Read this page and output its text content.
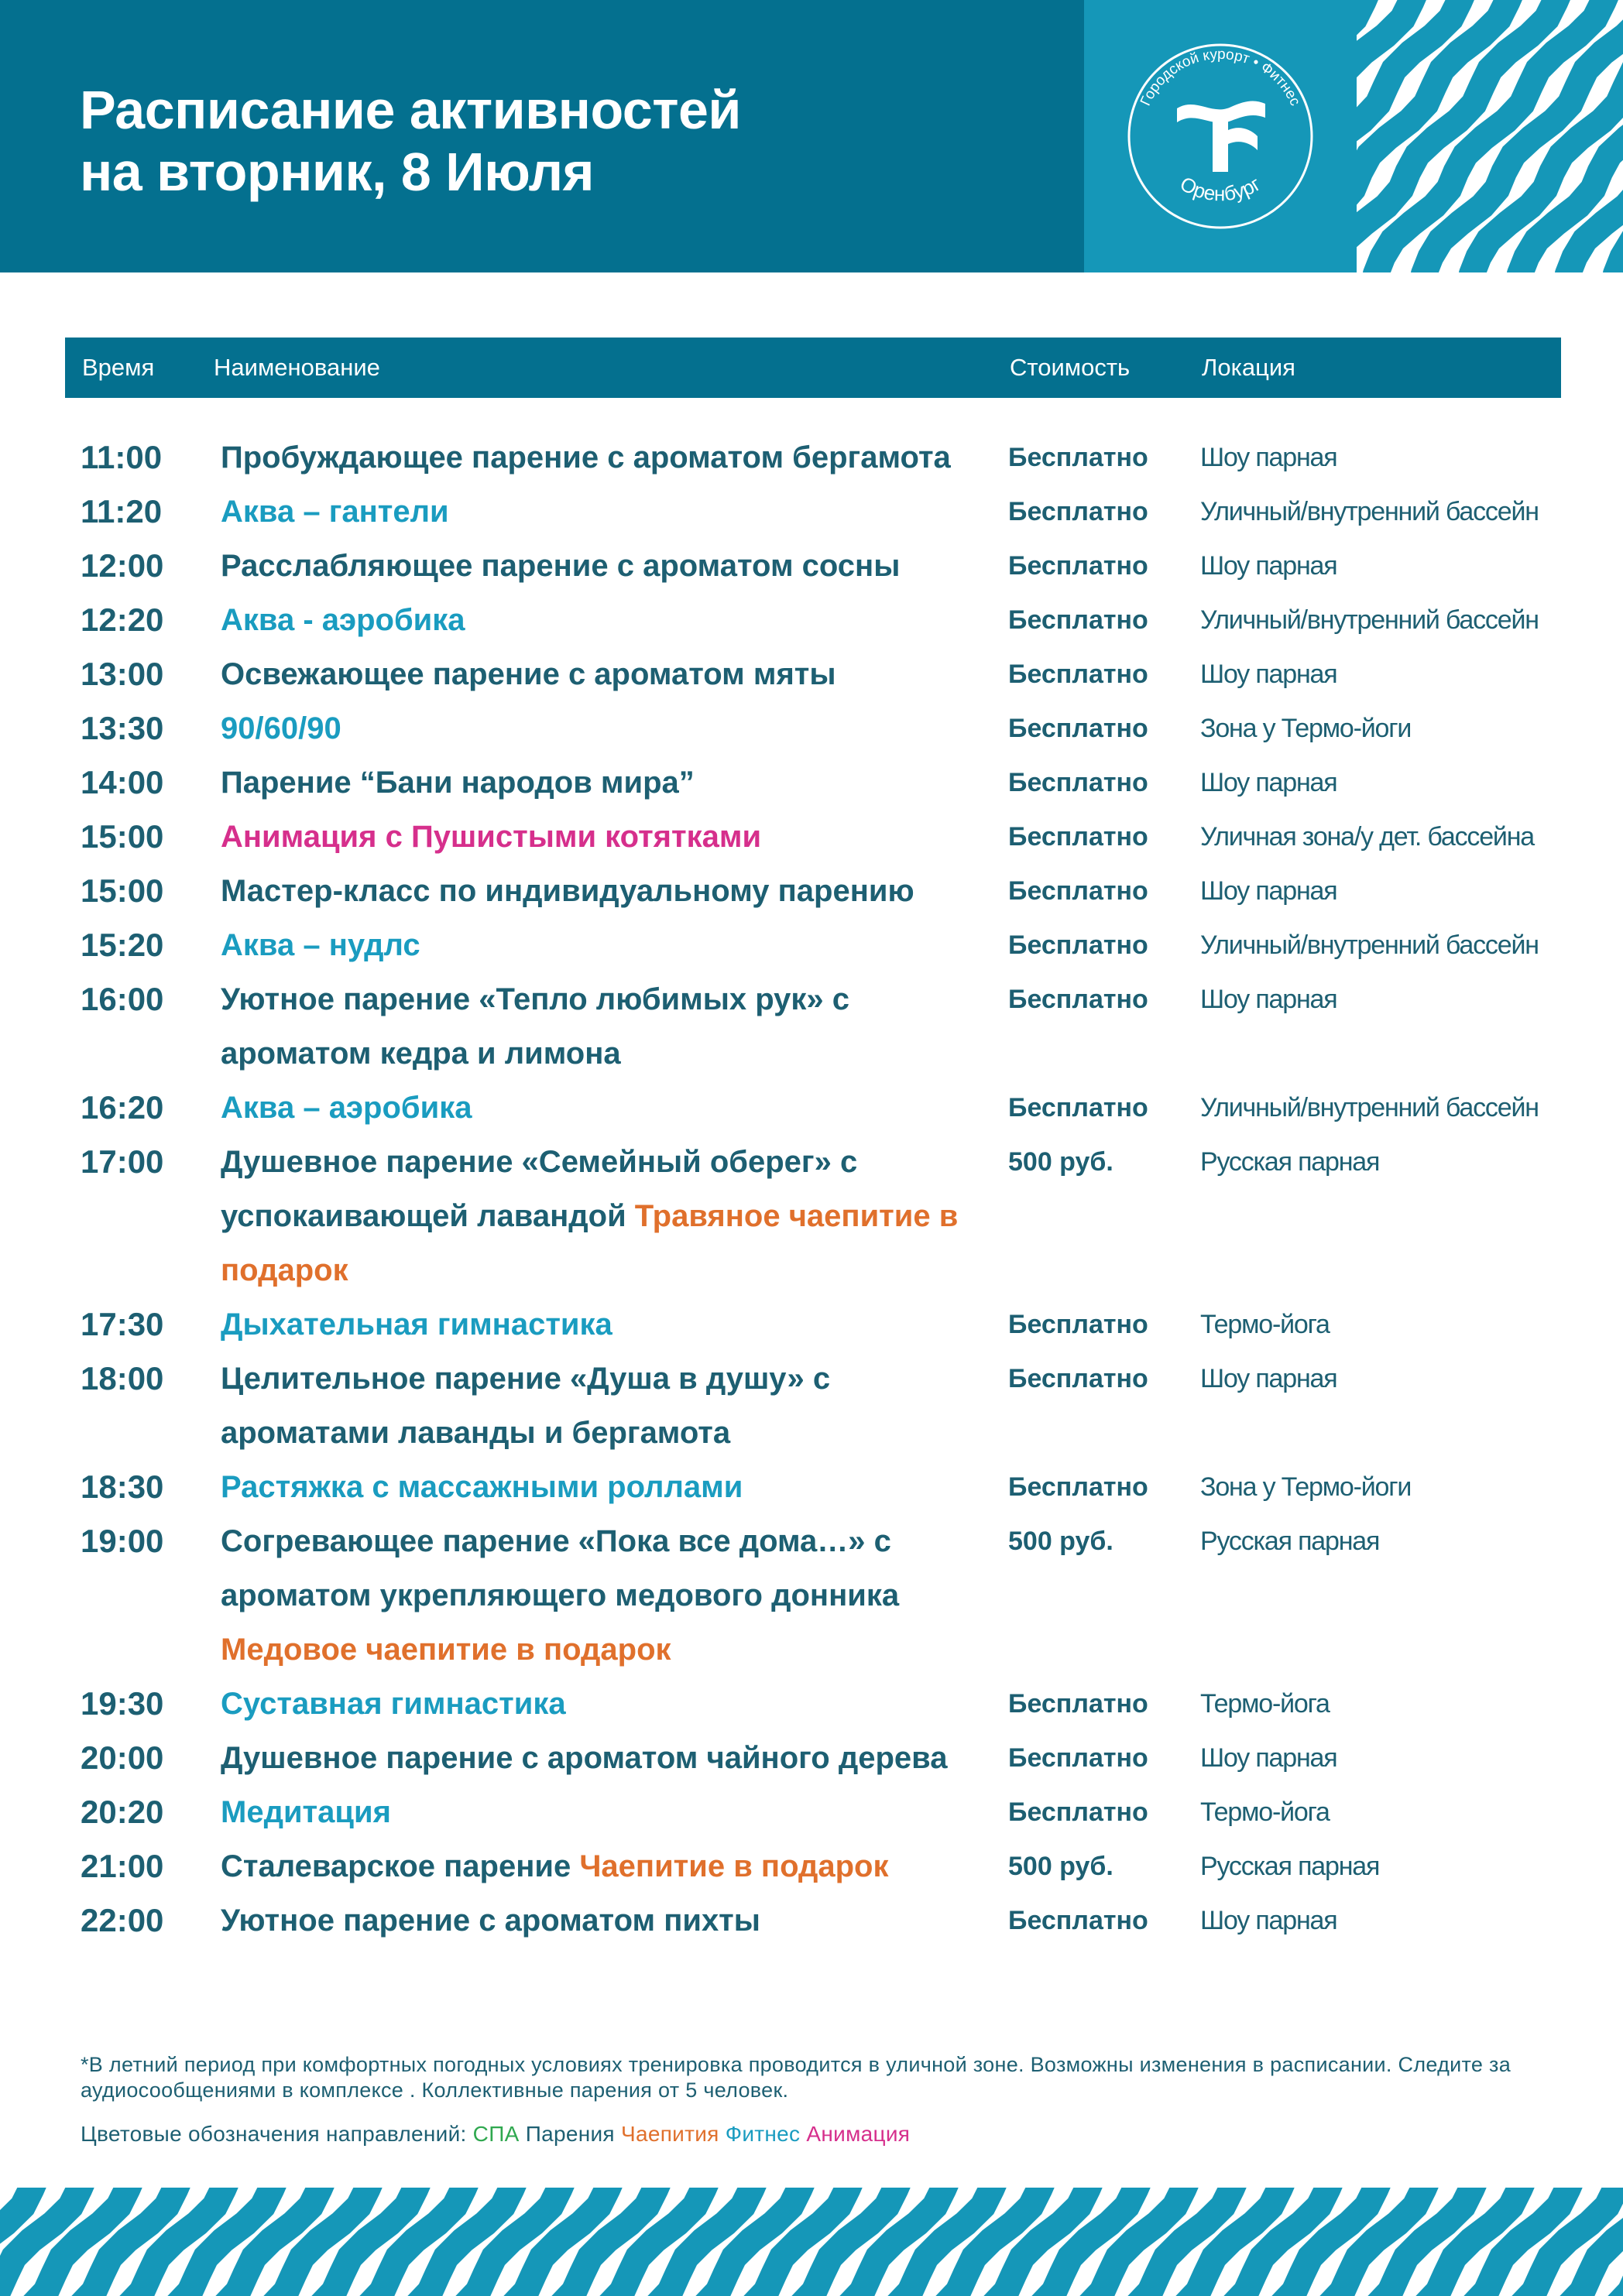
Расписание активностей
на вторник, 8 Июля
Городской курорт • Фитнес
Оренбург
Время Наименование	Стоимость	Локация
11:00	Пробуждающее парение с ароматом бергамота	Бесплатно Шоу парная
11:20	Аква – гантели	Бесплатно Уличный/внутренний бассейн
12:00	Расслабляющее парение с ароматом сосны	Бесплатно Шоу парная
12:20	Аква - аэробика	Бесплатно Уличный/внутренний бассейн
13:00	Освежающее парение с ароматом мяты	Бесплатно Шоу парная
13:30	90/60/90	Бесплатно Зона у Термо-йоги
14:00	Парение “Бани народов мира”	Бесплатно Шоу парная
15:00	Анимация с Пушистыми котятками	Бесплатно Уличная зона/у дет. бассейна
15:00	Мастер-класс по индивидуальному парению	Бесплатно Шоу парная
15:20	Аква – нудлс	Бесплатно Уличный/внутренний бассейн
16:00	Уютное парение «Тепло любимых рук» с ароматом кедра и лимона
Бесплатно Шоу парная
16:20	Аква – аэробика	Бесплатно Уличный/внутренний бассейн
17:00	Душевное парение «Семейный оберег» с успокаивающей лавандой Травяное чаепитие в подарок
500 руб.	Русская парная
17:30	Дыхательная гимнастика	Бесплатно Термо-йога
18:00	Целительное парение «Душа в душу» с ароматами лаванды и бергамота
Бесплатно Шоу парная
18:30	Растяжка с массажными роллами	Бесплатно Зона у Термо-йоги
19:00	Согревающее парение «Пока все дома…» с ароматом укрепляющего медового донника
Медовое чаепитие в подарок
500 руб.	Русская парная
19:30	Суставная гимнастика	Бесплатно Термо-йога
20:00	Душевное парение с ароматом чайного дерева	Бесплатно Шоу парная
20:20	Медитация	Бесплатно Термо-йога
21:00	Сталеварское парение Чаепитие в подарок	500 руб.	Русская парная
22:00	Уютное парение с ароматом пихты	Бесплатно Шоу парная
*В летний период при комфортных погодных условиях тренировка проводится в уличной зоне. Возможны изменения в расписании. Следите за аудиосообщениями в комплексе . Коллективные парения от 5 человек.
Цветовые обозначения направлений: СПА Парения Чаепития Фитнес Анимация
